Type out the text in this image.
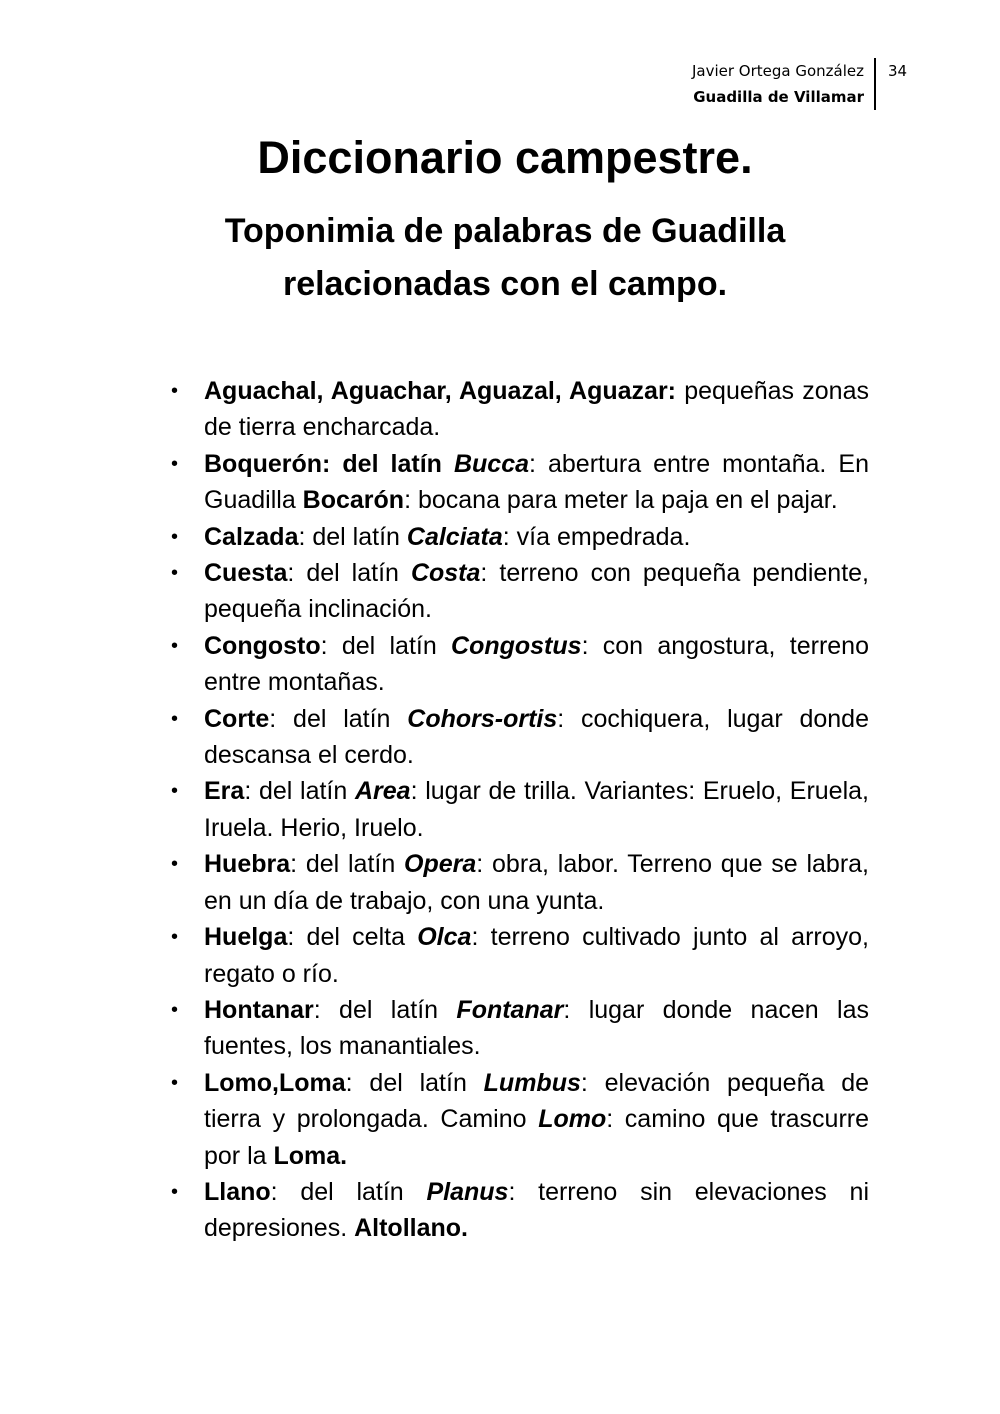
Javier Ortega González
Guadilla de Villamar
34
Diccionario campestre.
Toponimia de palabras de Guadilla
relacionadas con el campo.
• Aguachal, Aguachar, Aguazal, Aguazar: pequeñas zonas de tierra encharcada.
• Boquerón: del latín Bucca: abertura entre montaña. En Guadilla Bocarón: bocana para meter la paja en el pajar.
• Calzada: del latín Calciata: vía empedrada.
• Cuesta: del latín Costa: terreno con pequeña pendiente, pequeña inclinación.
• Congosto: del latín Congostus: con angostura, terreno entre montañas.
• Corte: del latín Cohors-ortis: cochiquera, lugar donde descansa el cerdo.
• Era: del latín Area: lugar de trilla. Variantes: Eruelo, Eruela, Iruela. Herio, Iruelo.
• Huebra: del latín Opera: obra, labor. Terreno que se labra, en un día de trabajo, con una yunta.
• Huelga: del celta Olca: terreno cultivado junto al arroyo, regato o río.
• Hontanar: del latín Fontanar: lugar donde nacen las fuentes, los manantiales.
• Lomo,Loma: del latín Lumbus: elevación pequeña de tierra y prolongada. Camino Lomo: camino que trascurre por la Loma.
• Llano: del latín Planus: terreno sin elevaciones ni depresiones. Altollano.
